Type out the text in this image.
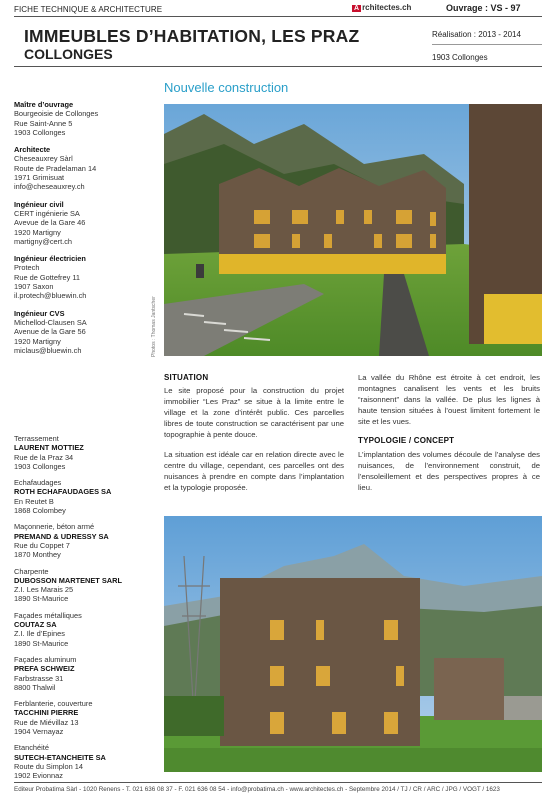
FICHE TECHNIQUE & ARCHITECTURE	A rchitectes.ch	Ouvrage : VS - 97
IMMEUBLES D’HABITATION, LES PRAZ
COLLONGES
Réalisation : 2013 - 2014
1903 Collonges
Nouvelle construction
Maître d’ouvrage
Bourgeoisie de Collonges
Rue Saint-Anne 5
1903 Collonges
Architecte
Cheseauxrey Sàrl
Route de Pradelaman 14
1971 Grimisuat
info@cheseauxrey.ch
Ingénieur civil
CERT ingénierie SA
Avevue de la Gare 46
1920 Martigny
martigny@cert.ch
Ingénieur électricien
Protech
Rue de Gottefrey 11
1907 Saxon
il.protech@bluewin.ch
Ingénieur CVS
Michellod-Clausen SA
Avenue de la Gare 56
1920 Martigny
miclaus@bluewin.ch
Terrassement
LAURENT MOTTIEZ
Rue de la Praz 34
1903 Collonges
Echafaudages
ROTH ECHAFAUDAGES SA
En Reutet B
1868 Colombey
Maçonnerie, béton armé
PREMAND & UDRESSY SA
Rue du Coppet 7
1870 Monthey
Charpente
DUBOSSON MARTENET SARL
Z.I. Les Marais 25
1890 St-Maurice
Façades métalliques
COUTAZ SA
Z.I. Ile d’Epines
1890 St-Maurice
Façades aluminum
PREFA SCHWEIZ
Farbstrasse 31
8800 Thalwil
Ferblanterie, couverture
TACCHINI PIERRE
Rue de Miévillaz 13
1904 Vernayaz
Etanchéité
SUTECH-ETANCHEITE SA
Route du Simplon 14
1902 Evionnaz
Photos : Thomas Jantscher
SITUATION

Le site proposé pour la construction du projet immobilier “Les Praz” se situe à la limite entre le village et la zone d’intérêt public. Ces parcelles libres de toute construction se caractérisent par une topographie à pente douce.

La situation est idéale car en relation directe avec le centre du village, cependant, ces parcelles ont des nuisances à prendre en compte dans l’implantation et la typologie proposée.

La vallée du Rhône est étroite à cet endroit, les montagnes canalisent les vents et les bruits “raisonnent” dans la vallée. De plus les lignes à haute tension situées à l’ouest limitent fortement le site et les vues.

TYPOLOGIE / CONCEPT

L’implantation des volumes découle de l’analyse des nuisances, de l’environnement construit, de l’ensoleillement et des perspectives propres à ce lieu.

Editeur Probatima Sàrl - 1020 Renens - T. 021 636 08 37 - F. 021 636 08 54 - info@probatima.ch - www.architectes.ch - Septembre 2014 / TJ / CR / ARC / JPG / VOGT / 1623
